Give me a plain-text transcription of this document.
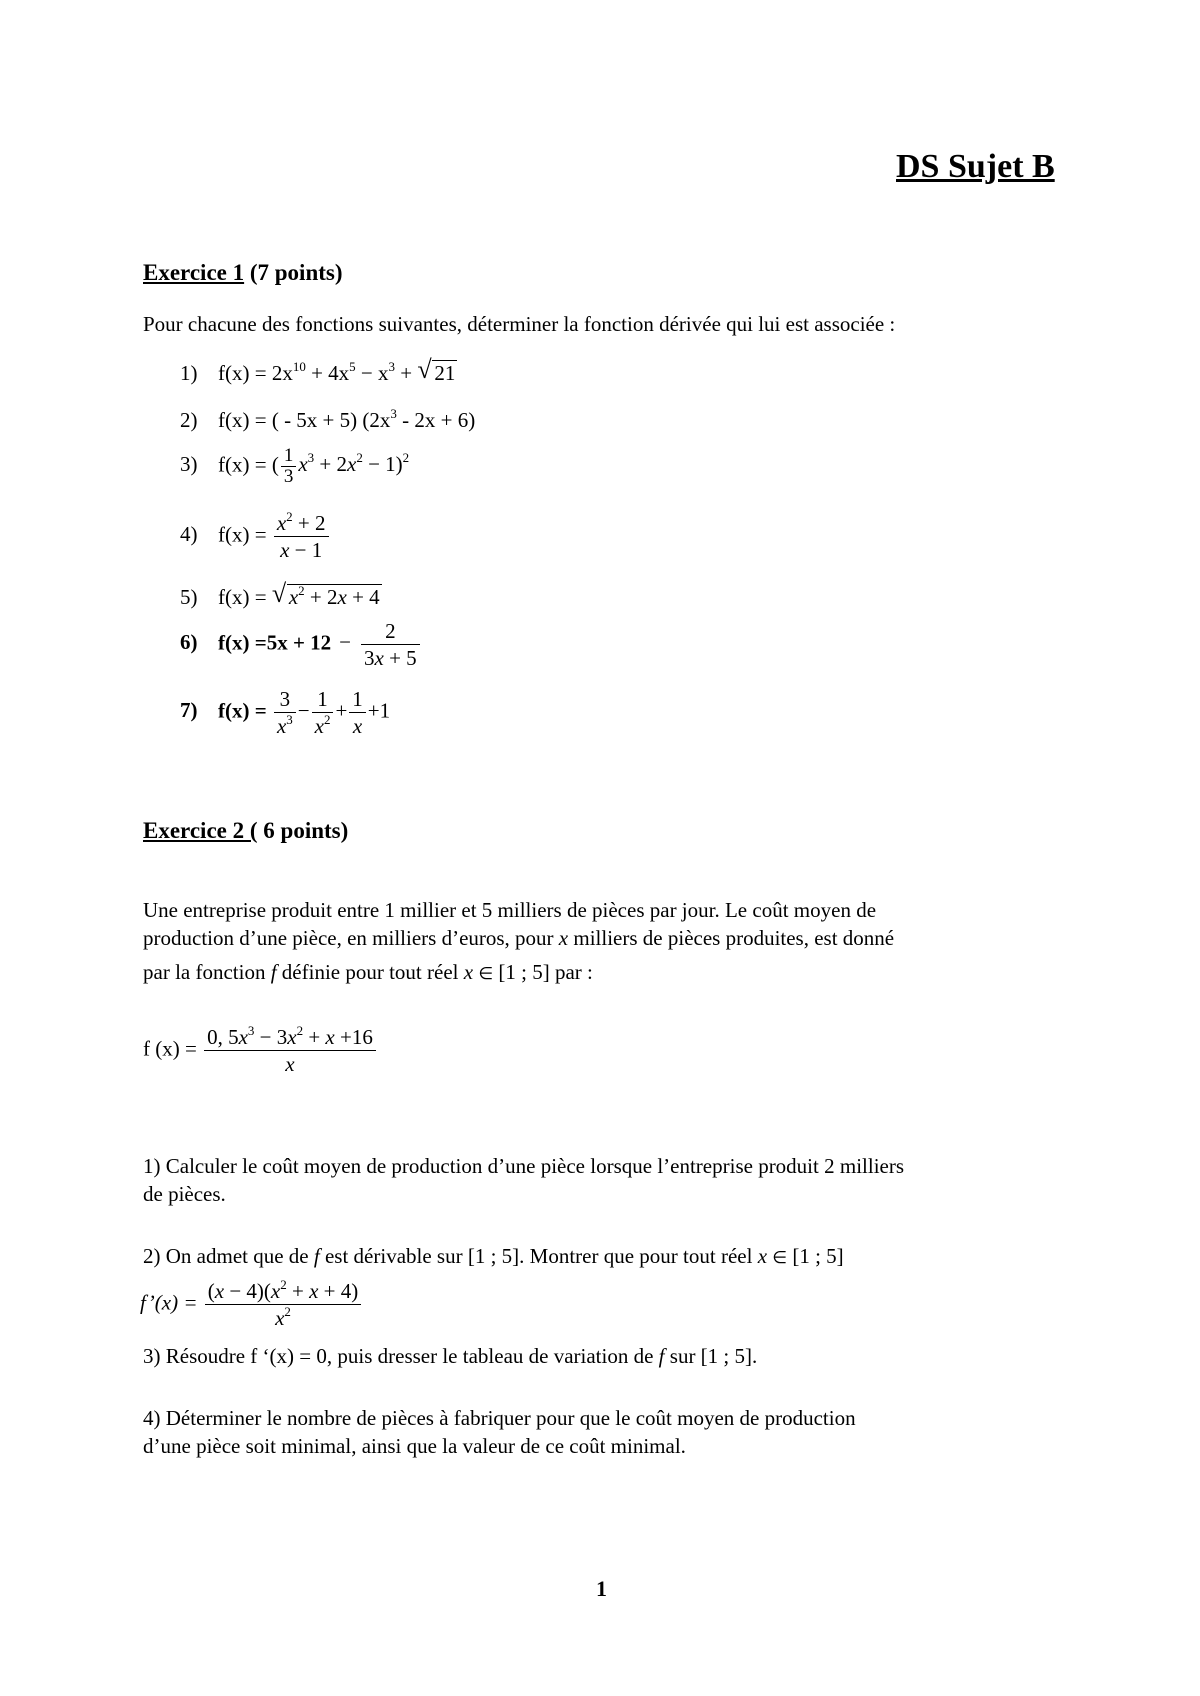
DS Sujet B
Exercice 1 (7 points)
Pour chacune des fonctions suivantes, déterminer la fonction dérivée qui lui est associée :
1) $f(x) = 2x^{10} + 4x^5 - x^3$ + √ 21
2) f(x) = ( - 5x + 5) $(2x^3 - 2x + 6)$
3) f(x) = ( $\frac{1}{3} x^3 + 2x^2 - 1)^2$
4) $f(x) = \frac{x^2 + 2}{x - 1}$
5) f(x) = √ $x^2 + 2x + 4$
6) $f(x) =5x + 12 - \frac{2}{3x + 5}$
7) $f(x) = \frac{3}{x^3} - \frac{1}{x^2} + \frac{1}{x} +1$
Exercice 2 ( 6 points)
Une entreprise produit entre 1 millier et 5 milliers de pièces par jour. Le coût moyen de
production d’une pièce, en milliers d’euros, pour x milliers de pièces produites, est donné
par la fonction f définie pour tout réel x ∈ [1 ; 5] par :
f $(x) = \frac{0, 5x^3 - 3x^2 + x +16}{x}$
1) Calculer le coût moyen de production d’une pièce lorsque l’entreprise produit 2 milliers
de pièces.
2) On admet que de f est dérivable sur [1 ; 5]. Montrer que pour tout réel x ∈ [1 ; 5]
f’(x) = $\frac{(x - 4)(x^2 + x + 4)}{x^2}$
3) Résoudre f ‘(x) = 0, puis dresser le tableau de variation de f sur [1 ; 5].
4) Déterminer le nombre de pièces à fabriquer pour que le coût moyen de production
d’une pièce soit minimal, ainsi que la valeur de ce coût minimal.
1
